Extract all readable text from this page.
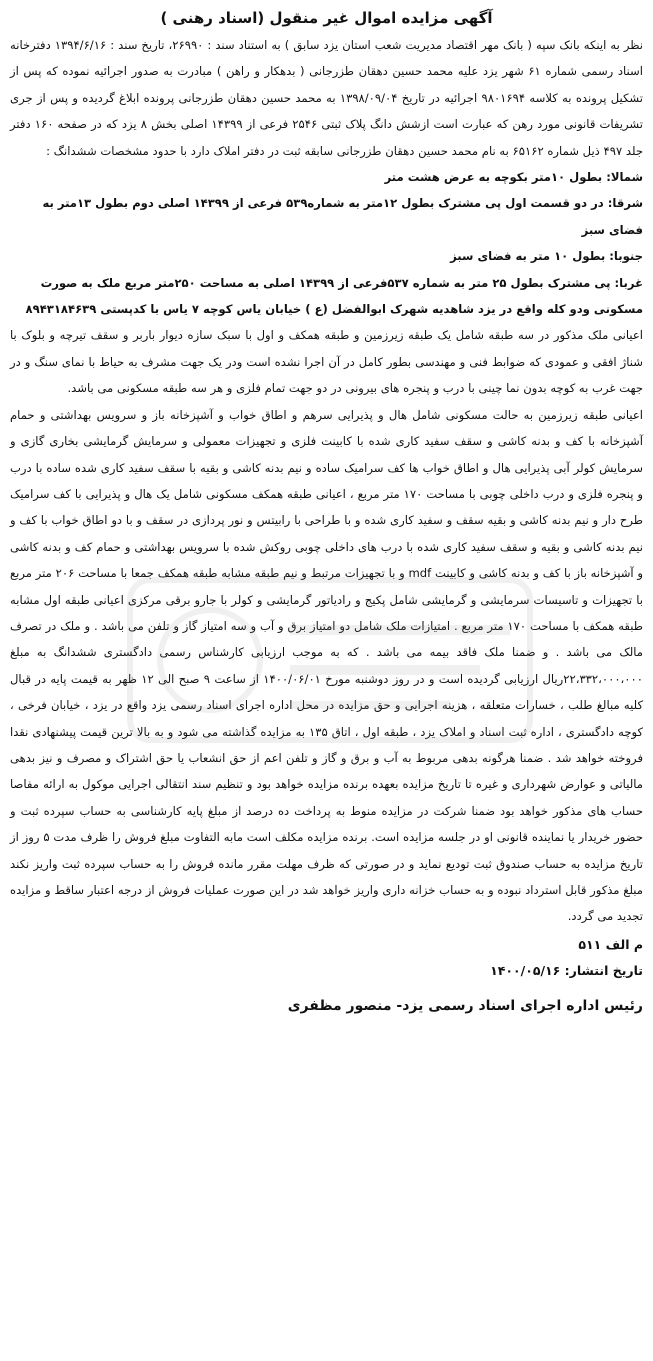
آگهی مزایده اموال غیر منقول (اسناد رهنی )

نظر به اینکه بانک سپه ( بانک مهر اقتصاد مدیریت شعب استان یزد سابق ) به استناد سند : ۲۶۹۹۰، تاریخ سند : ۱۳۹۴/۶/۱۶ دفترخانه اسناد رسمی شماره ۶۱ شهر یزد علیه محمد حسین دهقان طزرجانی ( بدهکار و راهن ) مبادرت به صدور اجرائیه نموده که پس از تشکیل پرونده به کلاسه ۹۸۰۱۶۹۴ اجرائیه در تاریخ ۱۳۹۸/۰۹/۰۴ به محمد حسین دهقان طزرجانی پرونده ابلاغ گردیده و پس از جری تشریفات قانونی مورد رهن که عبارت است ازشش دانگ پلاک ثبتی ۲۵۴۶ فرعی از ۱۴۳۹۹ اصلی بخش ۸ یزد که در صفحه ۱۶۰ دفتر جلد ۴۹۷ ذیل شماره ۶۵۱۶۲ به نام محمد حسین دهقان طزرجانی سابقه ثبت در دفتر املاک دارد با حدود مشخصات ششدانگ :

شمالا: بطول ۱۰متر بکوچه به عرض هشت متر

شرقا: در دو قسمت اول پی مشترک بطول ۱۲متر به شماره۵۳۹ فرعی از ۱۴۳۹۹ اصلی دوم بطول ۱۳متر به فضای سبز

جنوبا: بطول ۱۰ متر به فضای سبز

غربا: پی مشترک بطول ۲۵ متر به شماره ۵۳۷فرعی از ۱۴۳۹۹ اصلی به مساحت ۲۵۰متر مربع ملک به صورت مسکونی ودو کله واقع در یزد شاهدیه شهرک ابوالفضل (ع ) خیابان یاس کوچه ۷ یاس با کدپستی ۸۹۴۳۱۸۴۶۳۹

اعیانی ملک مذکور در سه طبقه شامل یک طبقه زیرزمین و طبقه همکف و اول با سبک سازه دیوار باربر و سقف تیرچه و بلوک با شناژ افقی و عمودی که ضوابط فنی و مهندسی بطور کامل در آن اجرا نشده است ودر یک جهت مشرف به حیاط با نمای سنگ و در جهت غرب به کوچه بدون نما چینی با درب و پنجره های بیرونی در دو جهت تمام فلزی و هر سه طبقه مسکونی می باشد.

اعیانی طبقه زیرزمین به حالت مسکونی شامل هال و پذیرایی سرهم و اطاق خواب و آشپزخانه باز و سرویس بهداشتی و حمام آشپزخانه با کف و بدنه کاشی و سقف سفید کاری شده با کابینت فلزی و تجهیزات معمولی و سرمایش گرمایشی بخاری گازی و سرمایش کولر آبی پذیرایی هال و اطاق خواب ها کف سرامیک ساده و نیم بدنه کاشی و بقیه با سقف سفید کاری شده ساده با درب و پنجره فلزی و درب داخلی چوبی با مساحت ۱۷۰ متر مربع ، اعیانی طبقه همکف مسکونی شامل یک هال و پذیرایی با کف سرامیک طرح دار و نیم بدنه کاشی و بقیه سقف و سفید کاری شده و با طراحی با رابیتس و نور پردازی در سقف و با دو اطاق خواب با کف و نیم بدنه کاشی و بقیه و سقف سفید کاری شده با درب های داخلی چوبی روکش شده با سرویس بهداشتی و حمام کف و بدنه کاشی و آشپزخانه باز با کف و بدنه کاشی و کابینت mdf و با تجهیزات مرتبط و نیم طبقه مشابه طبقه همکف جمعا با مساحت ۲۰۶ متر مربع با تجهیزات و تاسیسات سرمایشی و گرمایشی شامل پکیج و رادیاتور گرمایشی و کولر با جارو برقی مرکزی اعیانی طبقه اول مشابه طبقه همکف با مساحت ۱۷۰ متر مربع . امتیازات ملک شامل دو امتیاز برق و آب و سه امتیاز گاز و تلفن می باشد . و ملک در تصرف مالک می باشد . و ضمنا ملک فاقد بیمه می باشد . که به موجب ارزیابی کارشناس رسمی دادگستری ششدانگ به مبلغ ۲۲،۳۳۲،۰۰۰،۰۰۰ریال ارزیابی گردیده است و در روز دوشنبه مورخ ۱۴۰۰/۰۶/۰۱ از ساعت ۹ صبح الی ۱۲ ظهر به قیمت پایه در قبال کلیه مبالغ طلب ، خسارات متعلقه ، هزینه اجرایی و حق مزایده در محل اداره اجرای اسناد رسمی یزد واقع در یزد ، خیابان فرخی ، کوچه دادگستری ، اداره ثبت اسناد و املاک یزد ، طبقه اول ، اتاق ۱۳۵ به مزایده گذاشته می شود و به بالا ترین قیمت پیشنهادی نقدا فروخته خواهد شد . ضمنا هرگونه بدهی مربوط به آب و برق و گاز و تلفن اعم از حق انشعاب یا حق اشتراک و مصرف و نیز بدهی مالیاتی و عوارض شهرداری و غیره تا تاریخ مزایده بعهده برنده مزایده خواهد بود و تنظیم سند انتقالی اجرایی موکول به ارائه مفاصا حساب های مذکور خواهد بود ضمنا شرکت در مزایده منوط به پرداخت ده درصد از مبلغ پایه کارشناسی به حساب سپرده ثبت و حضور خریدار یا نماینده قانونی او در جلسه مزایده است. برنده مزایده مکلف است مابه التفاوت مبلغ فروش را ظرف مدت ۵ روز از تاریخ مزایده به حساب صندوق ثبت تودیع نماید و در صورتی که ظرف مهلت مقرر مانده فروش را به حساب سپرده ثبت واریز نکند مبلغ مذکور قابل استرداد نبوده و به حساب خزانه داری واریز خواهد شد در این صورت عملیات فروش از درجه اعتبار ساقط و مزایده تجدید می گردد.

م الف ۵۱۱

تاریخ انتشار: ۱۴۰۰/۰۵/۱۶

رئیس اداره اجرای اسناد رسمی یزد- منصور مظفری
